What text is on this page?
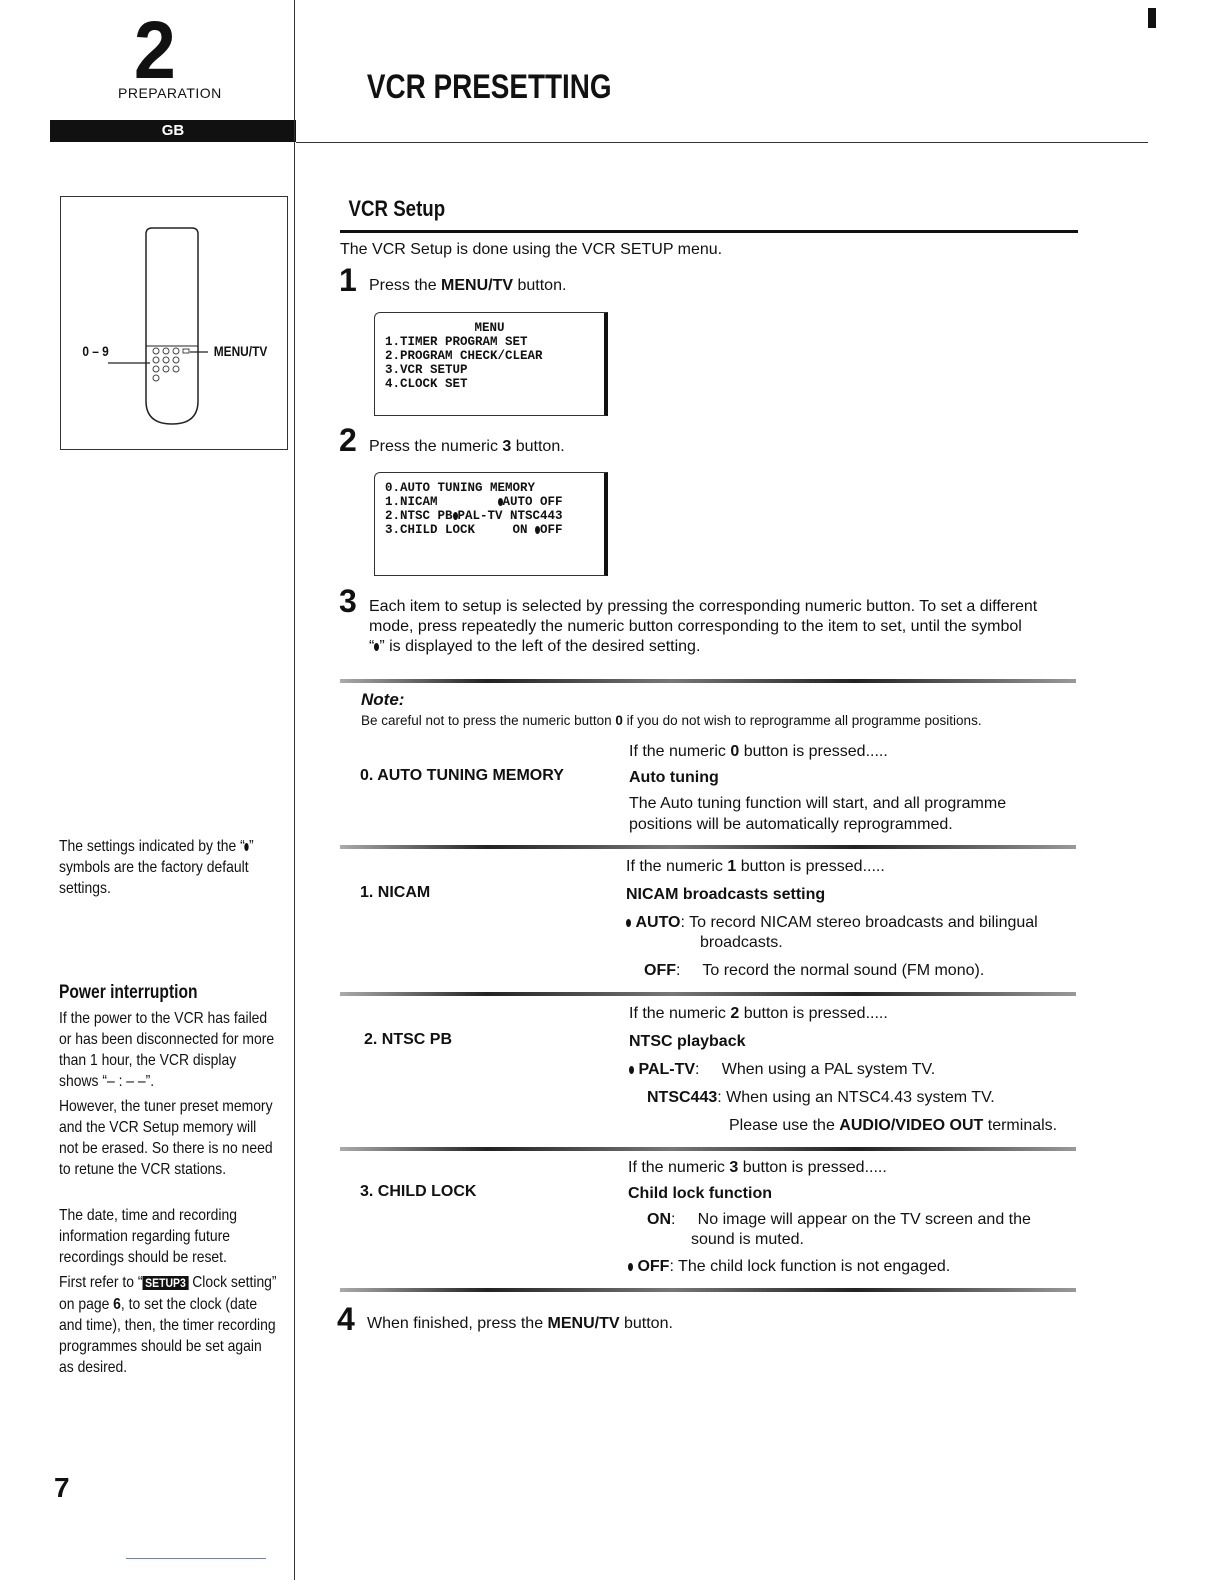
2
PREPARATION
GB
VCR PRESETTING
0 – 9	MENU/TV
VCR Setup
The VCR Setup is done using the VCR SETUP menu.
1 Press the MENU/TV button.
MENU
1.TIMER PROGRAM SET
2.PROGRAM CHECK/CLEAR
3.VCR SETUP
4.CLOCK SET
2 Press the numeric 3 button.
0.AUTO TUNING MEMORY
1.NICAM        AUTO OFF
2.NTSC PB PAL-TV NTSC443
3.CHILD LOCK     ON OFF
3 Each item to setup is selected by pressing the corresponding numeric button. To set a different
mode, press repeatedly the numeric button corresponding to the item to set, until the symbol
“ ” is displayed to the left of the desired setting.
Note:
Be careful not to press the numeric button 0 if you do not wish to reprogramme all programme positions.
If the numeric 0 button is pressed.....
0. AUTO TUNING MEMORY	Auto tuning
The Auto tuning function will start, and all programme
positions will be automatically reprogrammed.
If the numeric 1 button is pressed.....
1. NICAM	NICAM broadcasts setting
AUTO: To record NICAM stereo broadcasts and bilingual
broadcasts.
OFF:     To record the normal sound (FM mono).
If the numeric 2 button is pressed.....
2. NTSC PB	NTSC playback
PAL-TV:     When using a PAL system TV.
NTSC443: When using an NTSC4.43 system TV.
Please use the AUDIO/VIDEO OUT terminals.
If the numeric 3 button is pressed.....
3. CHILD LOCK	Child lock function
ON:     No image will appear on the TV screen and the
sound is muted.
OFF: The child lock function is not engaged.
4 When finished, press the MENU/TV button.
The settings indicated by the “ ” symbols are the factory default settings.
Power interruption
If the power to the VCR has failed or has been disconnected for more than 1 hour, the VCR display shows “– : – –”.
However, the tuner preset memory and the VCR Setup memory will not be erased. So there is no need to retune the VCR stations.
The date, time and recording information regarding future recordings should be reset.
First refer to “ SETUP3 Clock setting” on page 6, to set the clock (date and time), then, the timer recording programmes should be set again as desired.
7
